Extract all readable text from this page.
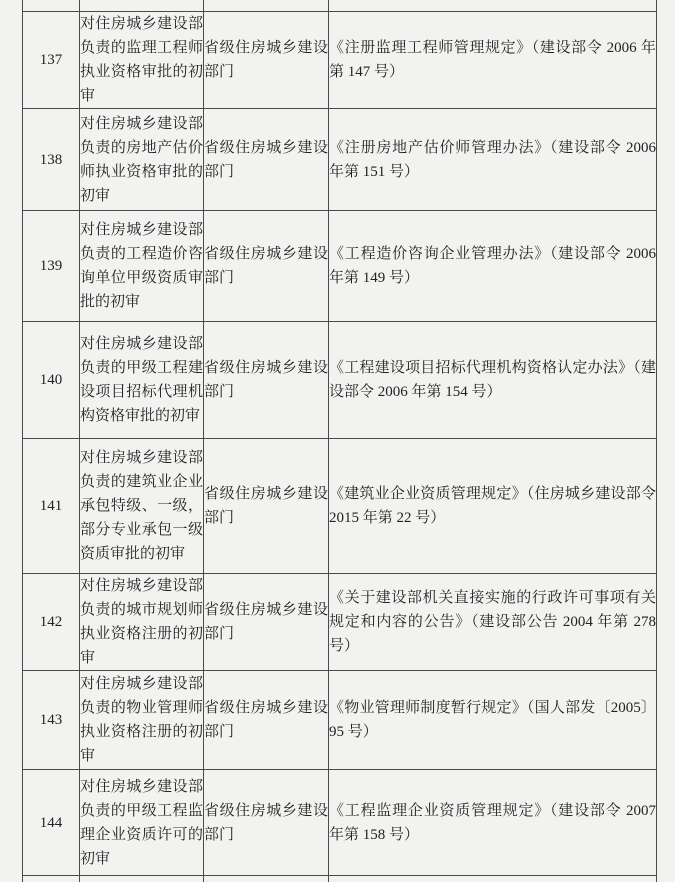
137	对住房城乡建设部负责的监理工程师执业资格审批的初审	省级住房城乡建设部门	《注册监理工程师管理规定》（建设部令 2006 年第 147 号）
138	对住房城乡建设部负责的房地产估价师执业资格审批的初审	省级住房城乡建设部门	《注册房地产估价师管理办法》（建设部令 2006 年第 151 号）
139	对住房城乡建设部负责的工程造价咨询单位甲级资质审批的初审	省级住房城乡建设部门	《工程造价咨询企业管理办法》（建设部令 2006 年第 149 号）
140	对住房城乡建设部负责的甲级工程建设项目招标代理机构资格审批的初审	省级住房城乡建设部门	《工程建设项目招标代理机构资格认定办法》（建设部令 2006 年第 154 号）
141	对住房城乡建设部负责的建筑业企业承包特级、一级，部分专业承包一级资质审批的初审	省级住房城乡建设部门	《建筑业企业资质管理规定》（住房城乡建设部令 2015 年第 22 号）
142	对住房城乡建设部负责的城市规划师执业资格注册的初审	省级住房城乡建设部门	《关于建设部机关直接实施的行政许可事项有关规定和内容的公告》（建设部公告 2004 年第 278 号）
143	对住房城乡建设部负责的物业管理师执业资格注册的初审	省级住房城乡建设部门	《物业管理师制度暂行规定》（国人部发〔2005〕95 号）
144	对住房城乡建设部负责的甲级工程监理企业资质许可的初审	省级住房城乡建设部门	《工程监理企业资质管理规定》（建设部令 2007 年第 158 号）
